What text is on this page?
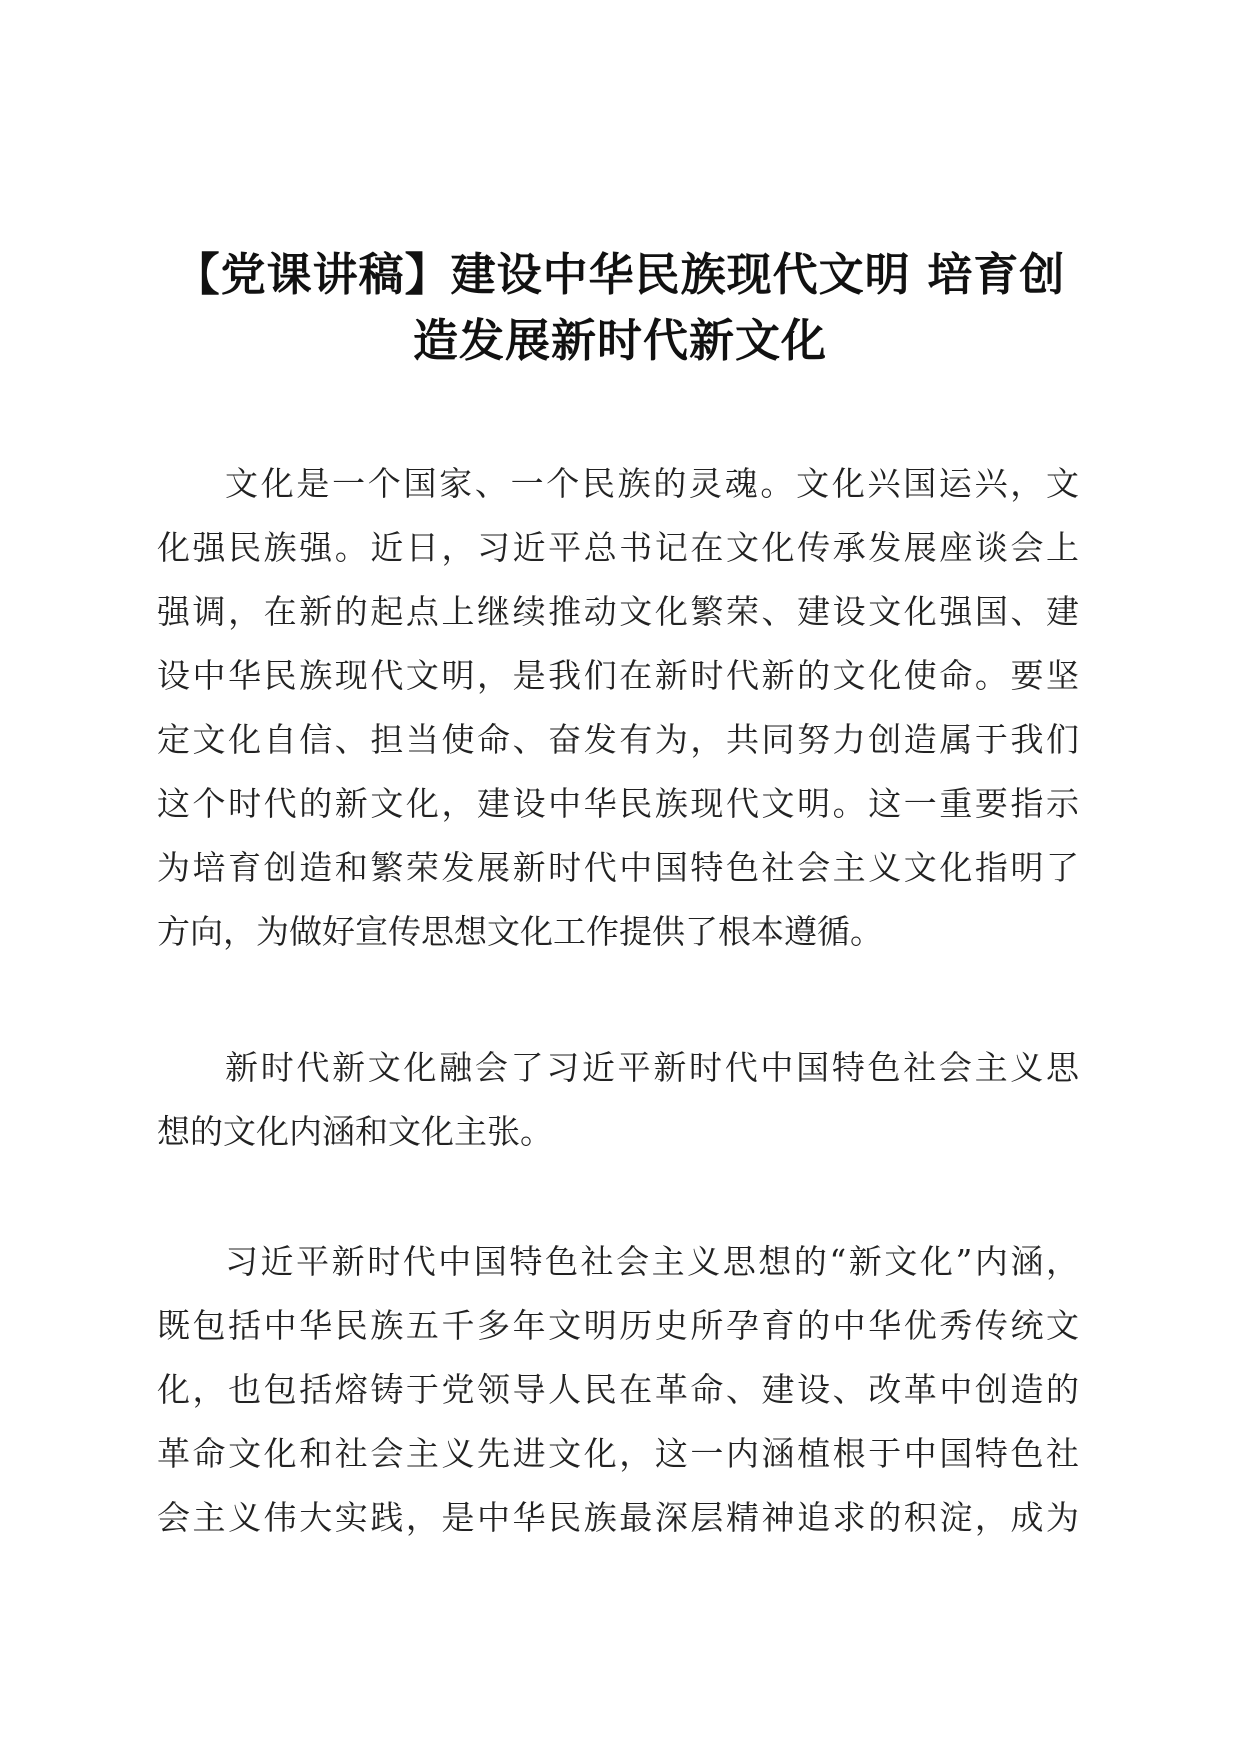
【党课讲稿】建设中华民族现代文明 培育创
造发展新时代新文化
文化是一个国家、一个民族的灵魂。文化兴国运兴，文
化强民族强。近日，习近平总书记在文化传承发展座谈会上
强调，在新的起点上继续推动文化繁荣、建设文化强国、建
设中华民族现代文明，是我们在新时代新的文化使命。要坚
定文化自信、担当使命、奋发有为，共同努力创造属于我们
这个时代的新文化，建设中华民族现代文明。这一重要指示
为培育创造和繁荣发展新时代中国特色社会主义文化指明了
方向，为做好宣传思想文化工作提供了根本遵循。
新时代新文化融会了习近平新时代中国特色社会主义思
想的文化内涵和文化主张。
习近平新时代中国特色社会主义思想的“新文化”内涵，
既包括中华民族五千多年文明历史所孕育的中华优秀传统文
化，也包括熔铸于党领导人民在革命、建设、改革中创造的
革命文化和社会主义先进文化，这一内涵植根于中国特色社
会主义伟大实践，是中华民族最深层精神追求的积淀，成为
